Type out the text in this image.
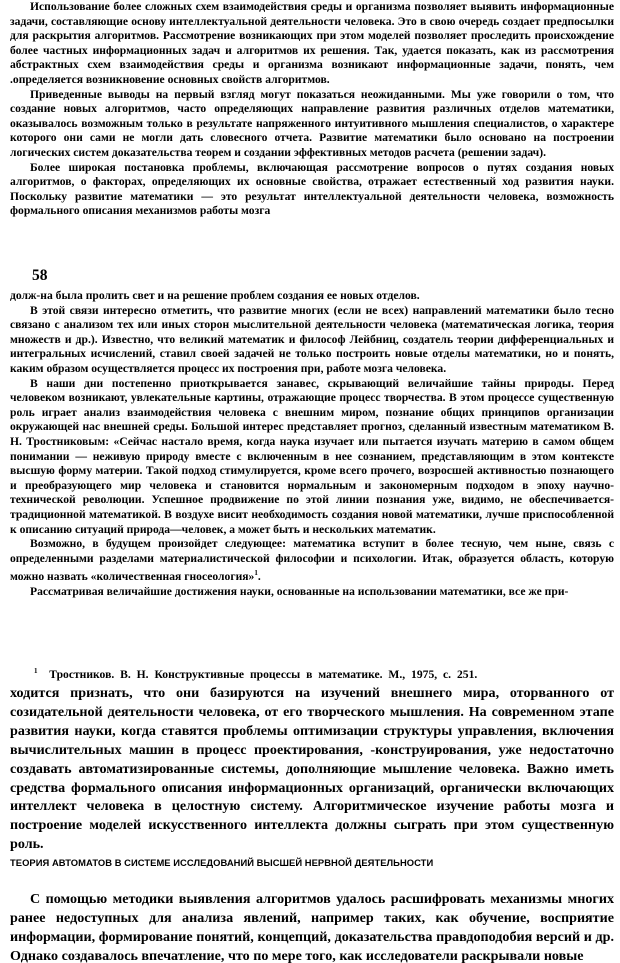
Использование более сложных схем взаимодействия среды и организма позволяет выявить информационные задачи, составляющие основу интеллектуальной деятельности человека. Это в свою очередь создает предпосылки для раскрытия алгоритмов. Рассмотрение возникающих при этом моделей позволяет проследить происхождение более частных информационных задач и алгоритмов их решения. Так, удается показать, как из рассмотрения абстрактных схем взаимодействия среды и организма возникают информационные задачи, понять, чем .определяется возникновение основных свойств алгоритмов.

Приведенные выводы на первый взгляд могут показаться неожиданными. Мы уже говорили о том, что создание новых алгоритмов, часто определяющих направление развития различных отделов математики, оказывалось возможным только в результате напряженного интуитивного мышления специалистов, о характере которого они сами не могли дать словесного отчета. Развитие математики было основано на построении логических систем доказательства теорем и создании эффективных методов расчета (решении задач).

Более широкая постановка проблемы, включающая рассмотрение вопросов о путях создания новых алгоритмов, о факторах, определяющих их основные свойства, отражает естественный ход развития науки. Поскольку развитие математики — это результат интеллектуальной деятельности человека, возможность формального описания механизмов работы мозга

58

долж-на была пролить свет и на решение проблем создания ее новых отделов.

В этой связи интересно отметить, что развитие многих (если не всех) направлений математики было тесно связано с анализом тех или иных сторон мыслительной деятельности человека (математическая логика, теория множеств и др.). Известно, что великий математик и философ Лейбниц, создатель теории дифференциальных и интегральных исчислений, ставил своей задачей не только построить новые отделы математики, но и понять, каким образом осуществляется процесс их построения при, работе мозга человека.

В наши дни постепенно приоткрывается занавес, скрывающий величайшие тайны природы. Перед человеком возникают, увлекательные картины, отражающие процесс творчества. В этом процессе существенную роль играет анализ взаимодействия человека с внешним миром, познание общих принципов организации окружающей нас внешней среды. Большой интерес представляет прогноз, сделанный известным математиком В. Н. Тростниковым: «Сейчас настало время, когда наука изучает или пытается изучать материю в самом общем понимании — неживую природу вместе с включенным в нее сознанием, представляющим в этом контексте высшую форму материи. Такой подход стимулируется, кроме всего прочего, возросшей активностью познающего и преобразующего мир человека и становится нормальным и закономерным подходом в эпоху научно-технической революции. Успешное продвижение по этой линии познания уже, видимо, не обеспечивается- традиционной математикой. В воздухе висит необходимость создания новой математики, лучше приспособленной к описанию ситуаций природа—человек, а может быть и нескольких математик.

Возможно, в будущем произойдет следующее: математика вступит в более тесную, чем ныне, связь с определенными разделами материалистической философии и психологии. Итак, образуется область, которую можно назвать «количественная гносеология»$^1$.

Рассматривая величайшие достижения науки, основанные на использовании математики, все же при-

$^1$ Тростников. В. Н. Конструктивные процессы в математике. М., 1975, с. 251.

ходится признать, что они базируются на изучений внешнего мира, оторванного от созидательной деятельности человека, от его творческого мышления. На современном этапе развития науки, когда ставятся проблемы оптимизации структуры управления, включения вычислительных машин в процесс проектирования, -конструирования, уже недостаточно создавать автоматизированные системы, дополняющие мышление человека. Важно иметь средства формального описания информационных организаций, органически включающих интеллект человека в целостную систему. Алгоритмическое изучение работы мозга и построение моделей искусственного интеллекта должны сыграть при этом существенную роль.

ТЕОРИЯ АВТОМАТОВ В СИСТЕМЕ ИССЛЕДОВАНИЙ ВЫСШЕЙ НЕРВНОЙ ДЕЯТЕЛЬНОСТИ

С помощью методики выявления алгоритмов удалось расшифровать механизмы многих ранее недоступных для анализа явлений, например таких, как обучение, восприятие информации, формирование понятий, концепций, доказательства правдоподобия версий и др. Однако создавалось впечатление, что по мере того, как исследователи раскрывали новые
